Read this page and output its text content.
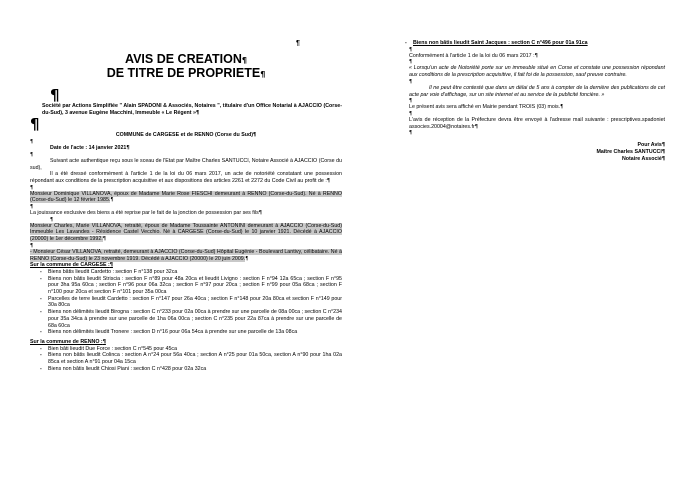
¶
AVIS DE CREATION¶
DE TITRE DE PROPRIETE¶
¶

Société par Actions Simplifiée " Alain SPADONI & Associés, Notaires ", titulaire d'un Office Notarial à AJACCIO (Corse-du-Sud), 3 avenue Eugène Macchini, Immeuble « Le Régent »¶

¶

COMMUNE de CARGESE et de RENNO (Corse du Sud)¶

¶

Date de l'acte : 14 janvier 2021¶

¶

Suivant acte authentique reçu sous le sceau de l'Etat par Maître Charles SANTUCCI, Notaire Associé à AJACCIO (Corse du sud),

Il a été dressé conformément à l'article 1 de la loi du 06 mars 2017, un acte de notoriété constatant une possession répondant aux conditions de la prescription acquisitive et aux dispositions des articles 2261 et 2272 du Code Civil au profit de :¶

¶

Monsieur Dominique VILLANOVA, époux de Madame Marie Rose FIESCHI demeurant à RENNO (Corse-du-Sud). Né à RENNO (Corse-du-Sud) le 12 février 1985.¶

¶

La jouissance exclusive des biens a été reprise par le fait de la jonction de possession par ses fils¶

¶

Monsieur Charles, Marie VILLANOVA, retraité, époux de Madame Toussainte ANTONINI demeurant à AJACCIO (Corse-du-Sud) Immeuble Les Lavandes - Résidence Castel Vecchio. Né à CARGESE (Corse-du-Sud) le 10 janvier 1921. Décédé à AJACCIO (20000) le 1er décembre 1992.¶

¶

- Monsieur César VILLANOVA, retraité, demeurant à AJACCIO (Corse-du-Sud) Hôpital Eugénie - Boulevard Lantivy, célibataire. Né à RENNO (Corse-du-Sud) le 23 novembre 1919. Décédé à AJACCIO (20000) le 20 juin 2009.¶

Sur la commune de CARGESE :¶

- Biens bâtis lieudit Cardetto : section F n°138 pour 32ca
- Biens non bâtis lieudit Striscia : section F n°89 pour 48a 20ca et lieudit Livigno : section F n°94 12a 65ca ; section F n°95 pour 3ha 95a 60ca ; section F n°96 pour 06a 32ca ; section F n°97 pour 20ca ; section F n°99 pour 05a 68ca ; section F n°100 pour 20ca et section F n°101 pour 35a 00ca
- Parcelles de terre lieudit Cardetto : section F n°147 pour 26a 40ca ; section F n°148 pour 20a 80ca et section F n°149 pour 30a 80ca
- Biens non délimités lieudit Birogna : section C n°233 pour 02a 00ca à prendre sur une parcelle de 08a 00ca ; section C n°234 pour 35a 34ca à prendre sur une parcelle de 1ha 06a 00ca ; section C n°235 pour 22a 87ca à prendre sur une parcelle de 68a 60ca
- Biens non délimités lieudit Tronere : section D n°16 pour 06a 54ca à prendre sur une parcelle de 13a 08ca

Sur la commune de RENNO :¶

- Bien bâti lieudit Due Force : section C n°545 pour 45ca
- Biens non bâtis lieudit Colinca : section A n°24 pour 56a 40ca ; section A n°25 pour 01a 50ca, section A n°90 pour 1ha 02a 85ca et section A n°91 pour 04a 15ca
- Biens non bâtis lieudit Chiosi Piani : section C n°428 pour 02a 32ca
- Biens non bâtis lieudit Saint Jacques : section C n°496 pour 01a 91ca
¶

Conformément à l'article 1 de la loi du 06 mars 2017 :¶

¶

« Lorsqu'un acte de Notoriété porte sur un immeuble situé en Corse et constate une possession répondant aux conditions de la prescription acquisitive, il fait foi de la possession, sauf preuve contraire.

¶

Il ne peut être contesté que dans un délai de 5 ans à compter de la dernière des publications de cet acte par voie d'affichage, sur un site internet et au service de la publicité foncière. »

¶

Le présent avis sera affiché en Mairie pendant TROIS (03) mois.¶

¶

L'avis de réception de la Préfecture devra être envoyé à l'adresse mail suivante : prescriptives.spadoniet associes.20004@notaires.fr¶

¶

Pour Avis¶

Maître Charles SANTUCCI¶

Notaire Associé¶
